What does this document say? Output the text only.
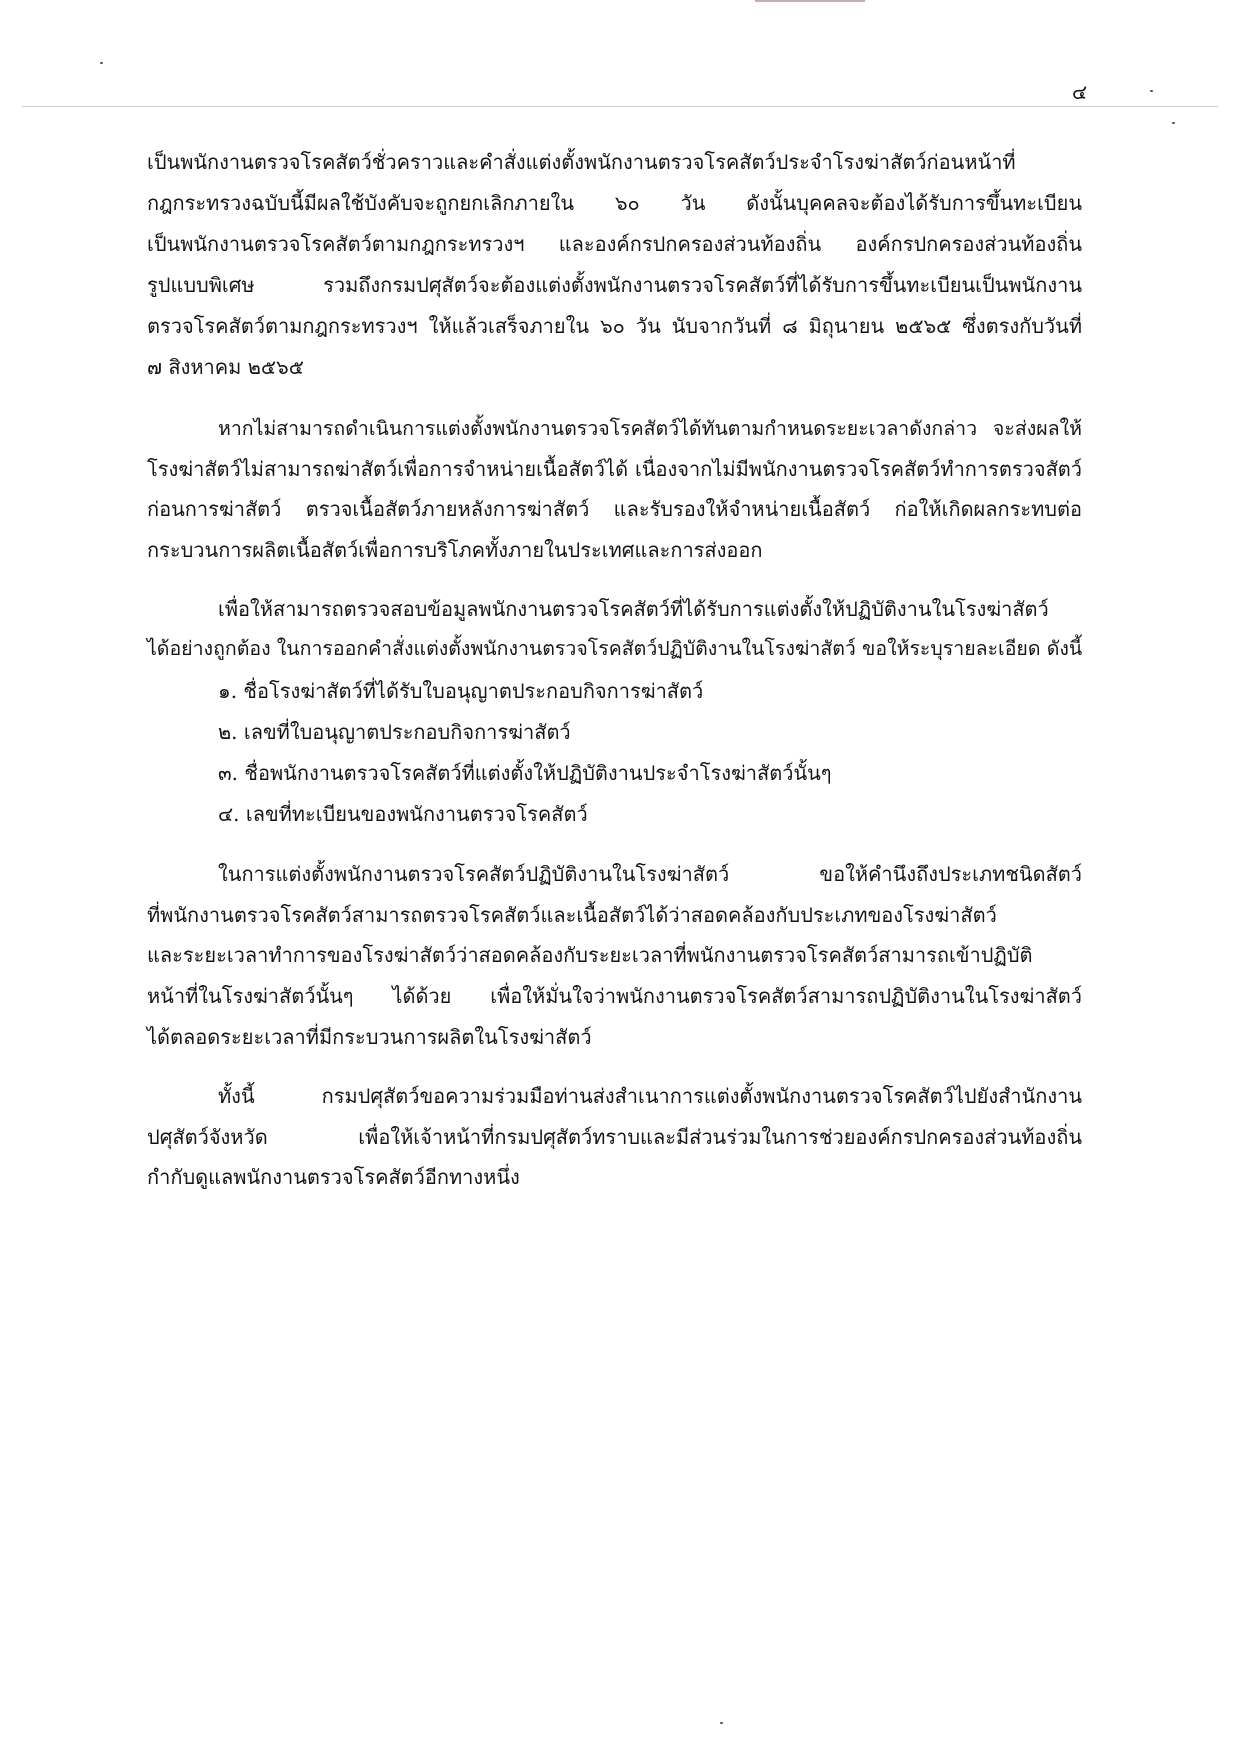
๔
เป็นพนักงานตรวจโรคสัตว์ชั่วคราวและคำสั่งแต่งตั้งพนักงานตรวจโรคสัตว์ประจำโรงฆ่าสัตว์ก่อนหน้าที่
กฎกระทรวงฉบับนี้มีผลใช้บังคับจะถูกยกเลิกภายใน ๖๐ วัน ดังนั้นบุคคลจะต้องได้รับการขึ้นทะเบียน
เป็นพนักงานตรวจโรคสัตว์ตามกฎกระทรวงฯ และองค์กรปกครองส่วนท้องถิ่น องค์กรปกครองส่วนท้องถิ่น
รูปแบบพิเศษ รวมถึงกรมปศุสัตว์จะต้องแต่งตั้งพนักงานตรวจโรคสัตว์ที่ได้รับการขึ้นทะเบียนเป็นพนักงาน
ตรวจโรคสัตว์ตามกฎกระทรวงฯ ให้แล้วเสร็จภายใน ๖๐ วัน นับจากวันที่ ๘ มิถุนายน ๒๕๖๕ ซึ่งตรงกับวันที่
๗ สิงหาคม ๒๕๖๕
หากไม่สามารถดำเนินการแต่งตั้งพนักงานตรวจโรคสัตว์ได้ทันตามกำหนดระยะเวลาดังกล่าว จะส่งผลให้
โรงฆ่าสัตว์ไม่สามารถฆ่าสัตว์เพื่อการจำหน่ายเนื้อสัตว์ได้ เนื่องจากไม่มีพนักงานตรวจโรคสัตว์ทำการตรวจสัตว์
ก่อนการฆ่าสัตว์ ตรวจเนื้อสัตว์ภายหลังการฆ่าสัตว์ และรับรองให้จำหน่ายเนื้อสัตว์ ก่อให้เกิดผลกระทบต่อ
กระบวนการผลิตเนื้อสัตว์เพื่อการบริโภคทั้งภายในประเทศและการส่งออก
เพื่อให้สามารถตรวจสอบข้อมูลพนักงานตรวจโรคสัตว์ที่ได้รับการแต่งตั้งให้ปฏิบัติงานในโรงฆ่าสัตว์
ได้อย่างถูกต้อง ในการออกคำสั่งแต่งตั้งพนักงานตรวจโรคสัตว์ปฏิบัติงานในโรงฆ่าสัตว์ ขอให้ระบุรายละเอียด ดังนี้
๑. ชื่อโรงฆ่าสัตว์ที่ได้รับใบอนุญาตประกอบกิจการฆ่าสัตว์
๒. เลขที่ใบอนุญาตประกอบกิจการฆ่าสัตว์
๓. ชื่อพนักงานตรวจโรคสัตว์ที่แต่งตั้งให้ปฏิบัติงานประจำโรงฆ่าสัตว์นั้นๆ
๔. เลขที่ทะเบียนของพนักงานตรวจโรคสัตว์
ในการแต่งตั้งพนักงานตรวจโรคสัตว์ปฏิบัติงานในโรงฆ่าสัตว์ ขอให้คำนึงถึงประเภทชนิดสัตว์
ที่พนักงานตรวจโรคสัตว์สามารถตรวจโรคสัตว์และเนื้อสัตว์ได้ว่าสอดคล้องกับประเภทของโรงฆ่าสัตว์
และระยะเวลาทำการของโรงฆ่าสัตว์ว่าสอดคล้องกับระยะเวลาที่พนักงานตรวจโรคสัตว์สามารถเข้าปฏิบัติ
หน้าที่ในโรงฆ่าสัตว์นั้นๆ ได้ด้วย เพื่อให้มั่นใจว่าพนักงานตรวจโรคสัตว์สามารถปฏิบัติงานในโรงฆ่าสัตว์
ได้ตลอดระยะเวลาที่มีกระบวนการผลิตในโรงฆ่าสัตว์
ทั้งนี้ กรมปศุสัตว์ขอความร่วมมือท่านส่งสำเนาการแต่งตั้งพนักงานตรวจโรคสัตว์ไปยังสำนักงาน
ปศุสัตว์จังหวัด เพื่อให้เจ้าหน้าที่กรมปศุสัตว์ทราบและมีส่วนร่วมในการช่วยองค์กรปกครองส่วนท้องถิ่น
กำกับดูแลพนักงานตรวจโรคสัตว์อีกทางหนึ่ง
